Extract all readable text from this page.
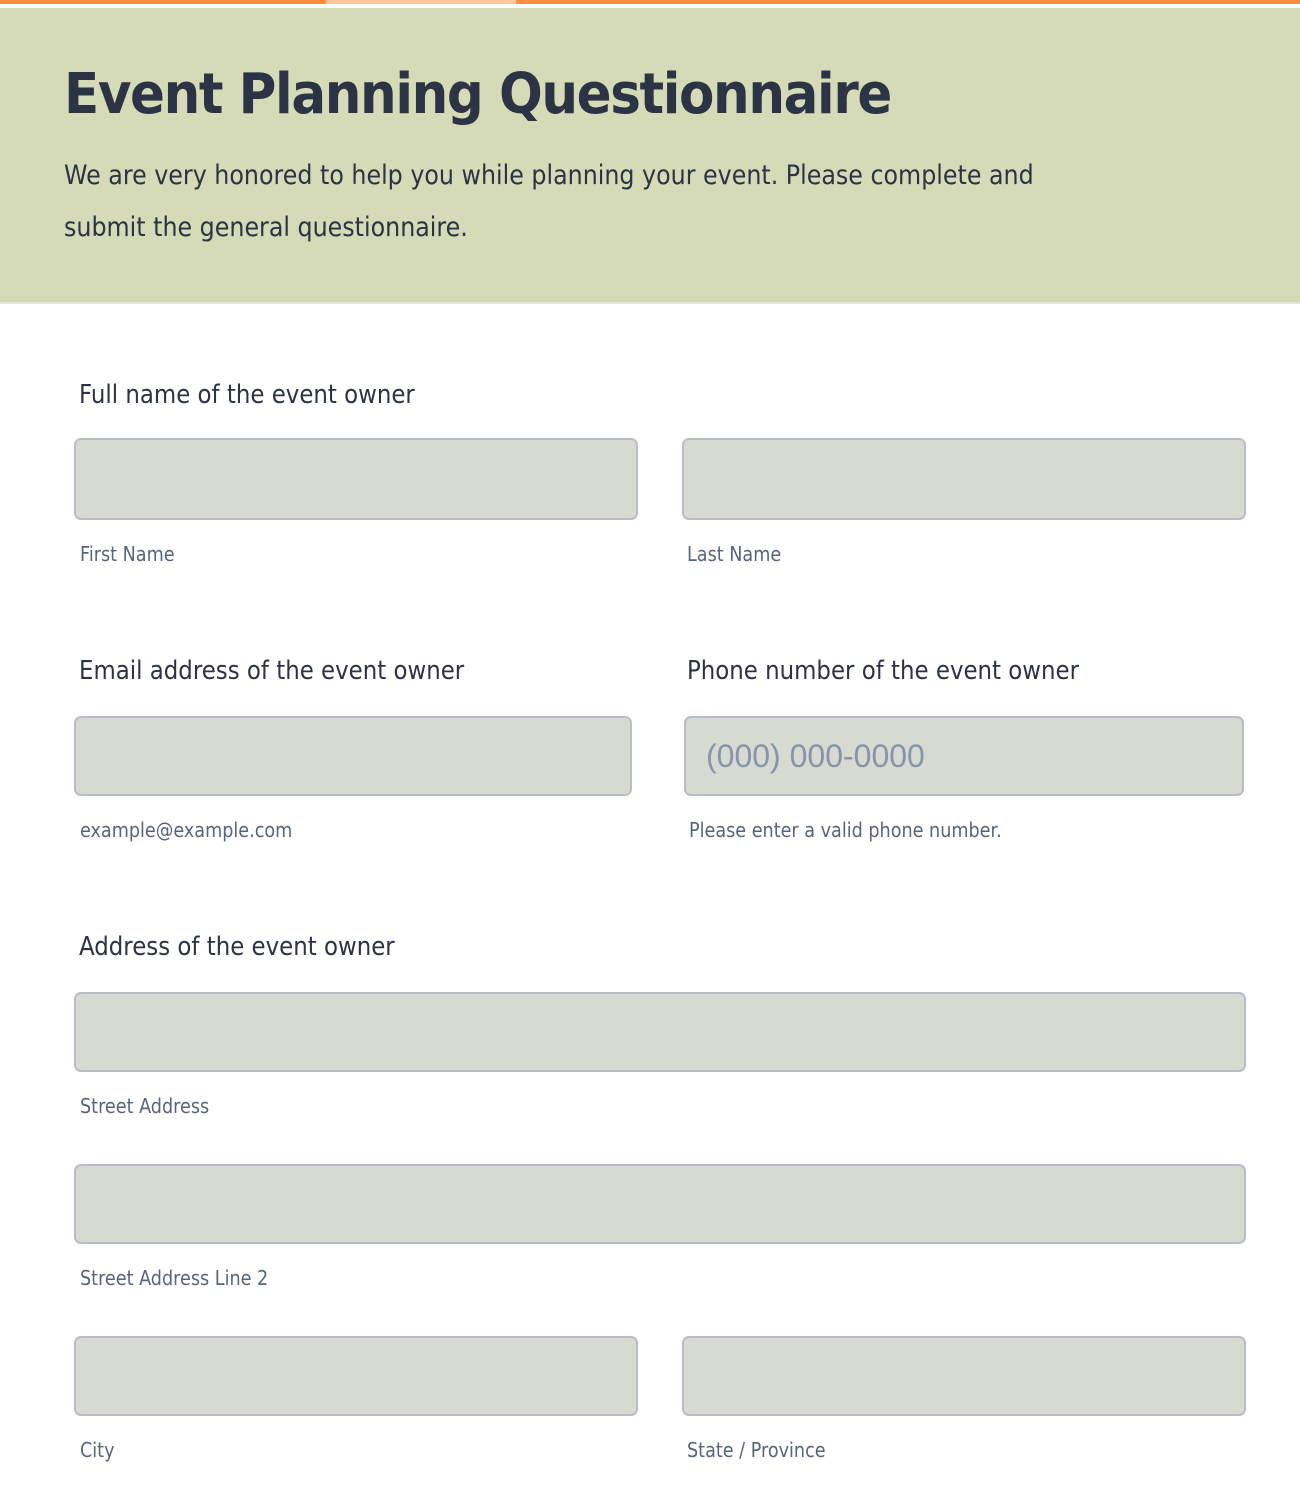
Event Planning Questionnaire
We are very honored to help you while planning your event. Please complete and submit the general questionnaire.
Full name of the event owner
First Name	Last Name
Email address of the event owner
example@example.com
Phone number of the event owner
(000) 000-0000
Please enter a valid phone number.
Address of the event owner
Street Address
Street Address Line 2
City	State / Province
